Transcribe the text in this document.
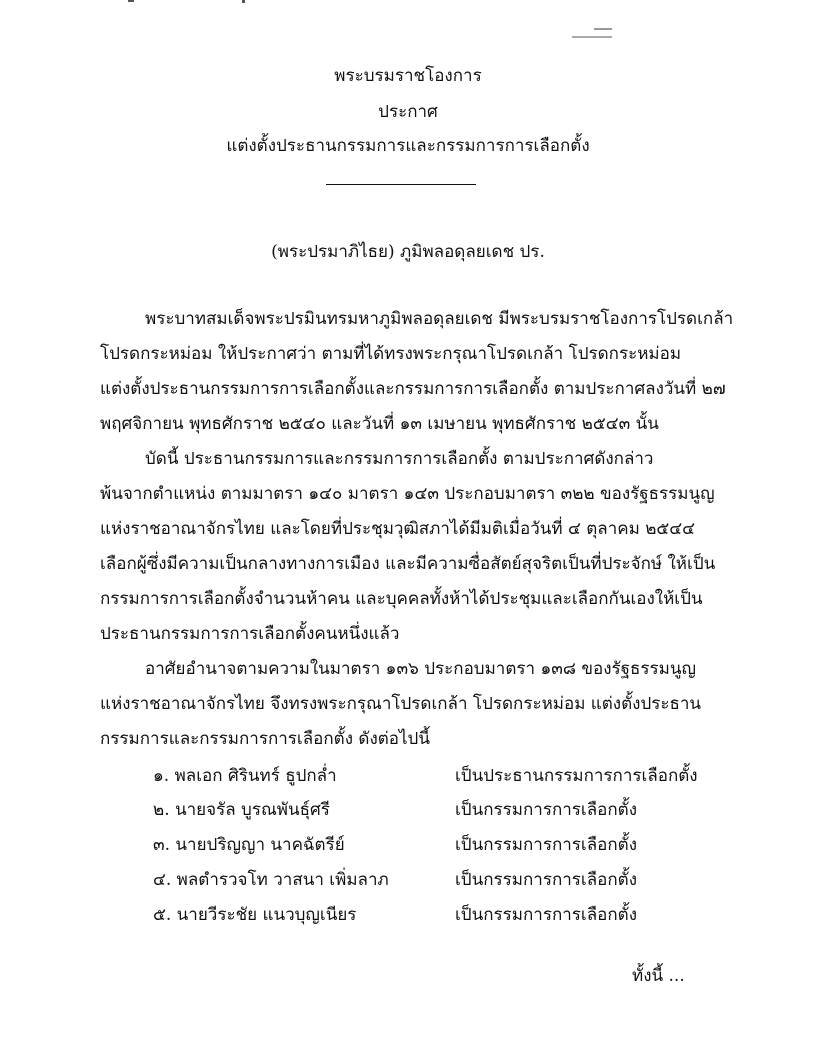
พระบรมราชโองการ
ประกาศ
แต่งตั้งประธานกรรมการและกรรมการการเลือกตั้ง
(พระปรมาภิไธย) ภูมิพลอดุลยเดช ปร.
พระบาทสมเด็จพระปรมินทรมหาภูมิพลอดุลยเดช มีพระบรมราชโองการโปรดเกล้า
โปรดกระหม่อม ให้ประกาศว่า ตามที่ได้ทรงพระกรุณาโปรดเกล้า โปรดกระหม่อม
แต่งตั้งประธานกรรมการการเลือกตั้งและกรรมการการเลือกตั้ง ตามประกาศลงวันที่ ๒๗
พฤศจิกายน พุทธศักราช ๒๕๔๐ และวันที่ ๑๓ เมษายน พุทธศักราช ๒๕๔๓ นั้น
บัดนี้ ประธานกรรมการและกรรมการการเลือกตั้ง ตามประกาศดังกล่าว
พ้นจากตำแหน่ง ตามมาตรา ๑๔๐ มาตรา ๑๔๓ ประกอบมาตรา ๓๒๒ ของรัฐธรรมนูญ
แห่งราชอาณาจักรไทย และโดยที่ประชุมวุฒิสภาได้มีมติเมื่อวันที่ ๔ ตุลาคม ๒๕๔๔
เลือกผู้ซึ่งมีความเป็นกลางทางการเมือง และมีความซื่อสัตย์สุจริตเป็นที่ประจักษ์ ให้เป็น
กรรมการการเลือกตั้งจำนวนห้าคน และบุคคลทั้งห้าได้ประชุมและเลือกกันเองให้เป็น
ประธานกรรมการการเลือกตั้งคนหนึ่งแล้ว
อาศัยอำนาจตามความในมาตรา ๑๓๖ ประกอบมาตรา ๑๓๘ ของรัฐธรรมนูญ
แห่งราชอาณาจักรไทย จึงทรงพระกรุณาโปรดเกล้า โปรดกระหม่อม แต่งตั้งประธาน
กรรมการและกรรมการการเลือกตั้ง ดังต่อไปนี้
๑. พลเอก ศิรินทร์ ธูปกล่ำ	เป็นประธานกรรมการการเลือกตั้ง
๒. นายจรัล บูรณพันธุ์ศรี	เป็นกรรมการการเลือกตั้ง
๓. นายปริญญา นาคฉัตรีย์	เป็นกรรมการการเลือกตั้ง
๔. พลตำรวจโท วาสนา เพิ่มลาภ	เป็นกรรมการการเลือกตั้ง
๕. นายวีระชัย แนวบุญเนียร	เป็นกรรมการการเลือกตั้ง
ทั้งนี้ ...
